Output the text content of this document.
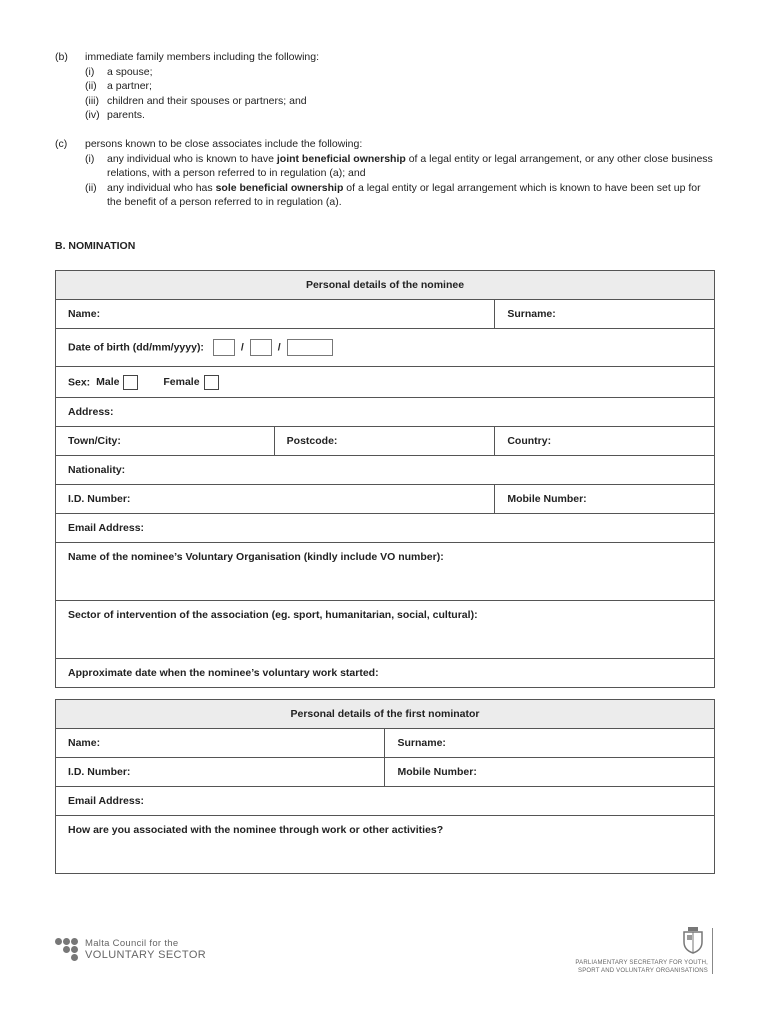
(b)	immediate family members including the following:
(i)	a spouse;
(ii) a partner;
(iii) children and their spouses or partners; and
(iv) parents.
(c)	persons known to be close associates include the following:
(i)	any individual who is known to have joint beneficial ownership of a legal entity or legal arrangement, or any other close business relations, with a person referred to in regulation (a); and
(ii) any individual who has sole beneficial ownership of a legal entity or legal arrangement which is known to have been set up for the benefit of a person referred to in regulation (a).
B. NOMINATION
Personal details of the nominee		
Name:		Surname:
Date of birth (dd/mm/yyyy): / /		
Sex: Male Female		
Address:		
Town/City:	Postcode:	Country:
Nationality:		
I.D. Number:		Mobile Number:
Email Address:		
Name of the nominee’s Voluntary Organisation (kindly include VO number):		
Sector of intervention of the association (eg. sport, humanitarian, social, cultural):		
Approximate date when the nominee’s voluntary work started:		
Personal details of the first nominator	
Name:	Surname:
I.D. Number:	Mobile Number:
Email Address:	
How are you associated with the nominee through work or other activities?	
Malta Council for the
VOLUNTARY SECTOR
PARLIAMENTARY SECRETARY FOR YOUTH,
SPORT AND VOLUNTARY ORGANISATIONS
